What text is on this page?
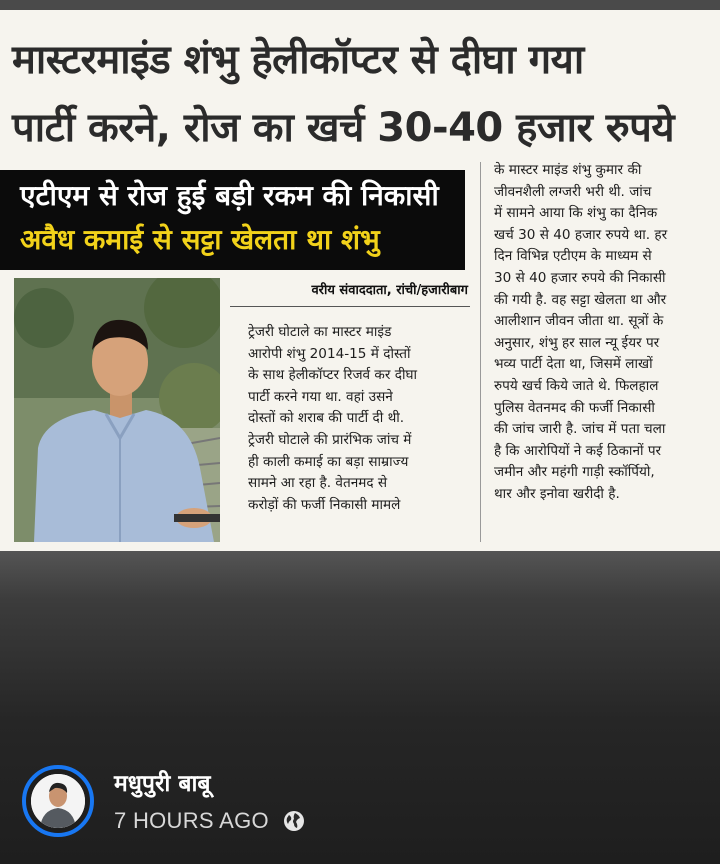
मास्टरमाइंड शंभु हेलीकॉप्टर से दीघा गया
पार्टी करने, रोज का खर्च 30-40 हजार रुपये
एटीएम से रोज हुई बड़ी रकम की निकासी
अवैध कमाई से सट्टा खेलता था शंभु
वरीय संवाददाता, रांची/हजारीबाग
ट्रेजरी घोटाले का मास्टर माइंड
आरोपी शंभु 2014-15 में दोस्तों
के साथ हेलीकॉप्टर रिजर्व कर दीघा
पार्टी करने गया था. वहां उसने
दोस्तों को शराब की पार्टी दी थी.
ट्रेजरी घोटाले की प्रारंभिक जांच में
ही काली कमाई का बड़ा साम्राज्य
सामने आ रहा है. वेतनमद से
करोड़ों की फर्जी निकासी मामले
के मास्टर माइंड शंभु कुमार की
जीवनशैली लग्जरी भरी थी. जांच
में सामने आया कि शंभु का दैनिक
खर्च 30 से 40 हजार रुपये था. हर
दिन विभिन्न एटीएम के माध्यम से
30 से 40 हजार रुपये की निकासी
की गयी है. वह सट्टा खेलता था और
आलीशान जीवन जीता था. सूत्रों के
अनुसार, शंभु हर साल न्यू ईयर पर
भव्य पार्टी देता था, जिसमें लाखों
रुपये खर्च किये जाते थे. फिलहाल
पुलिस वेतनमद की फर्जी निकासी
की जांच जारी है. जांच में पता चला
है कि आरोपियों ने कई ठिकानों पर
जमीन और महंगी गाड़ी स्कॉर्पियो,
थार और इनोवा खरीदी है.
मधुपुरी बाबू
7 HOURS AGO
